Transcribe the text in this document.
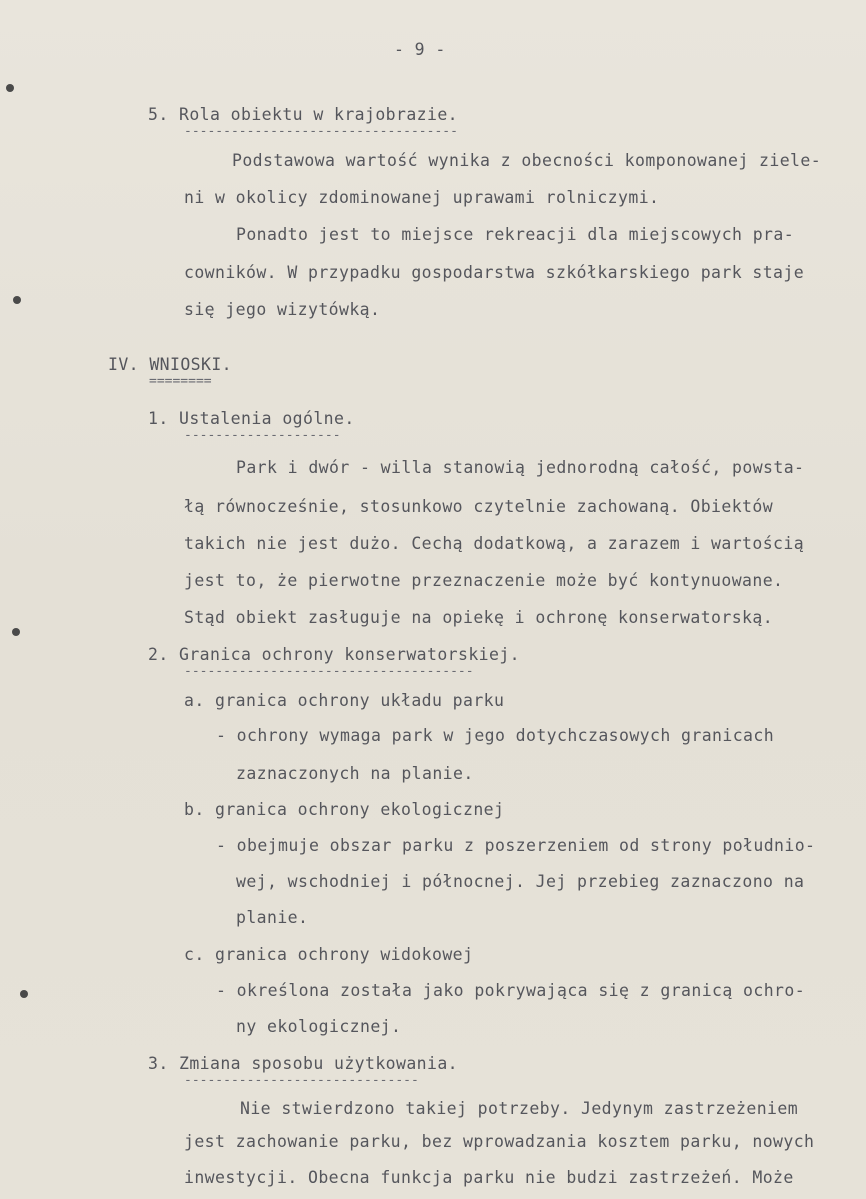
- 9 -
5. Rola obiektu w krajobrazie.
-----------------------------------
Podstawowa wartość wynika z obecności komponowanej ziele-
ni w okolicy zdominowanej uprawami rolniczymi.
Ponadto jest to miejsce rekreacji dla miejscowych pra-
cowników. W przypadku gospodarstwa szkółkarskiego park staje
się jego wizytówką.
IV. WNIOSKI.
========
1. Ustalenia ogólne.
--------------------
Park i dwór - willa stanowią jednorodną całość, powsta-
łą równocześnie, stosunkowo czytelnie zachowaną. Obiektów
takich nie jest dużo. Cechą dodatkową, a zarazem i wartością
jest to, że pierwotne przeznaczenie może być kontynuowane.
Stąd obiekt zasługuje na opiekę i ochronę konserwatorską.
2. Granica ochrony konserwatorskiej.
-------------------------------------
a. granica ochrony układu parku
- ochrony wymaga park w jego dotychczasowych granicach
zaznaczonych na planie.
b. granica ochrony ekologicznej
- obejmuje obszar parku z poszerzeniem od strony południo-
wej, wschodniej i północnej. Jej przebieg zaznaczono na
planie.
c. granica ochrony widokowej
- określona została jako pokrywająca się z granicą ochro-
ny ekologicznej.
3. Zmiana sposobu użytkowania.
------------------------------
Nie stwierdzono takiej potrzeby. Jedynym zastrzeżeniem
jest zachowanie parku, bez wprowadzania kosztem parku, nowych
inwestycji. Obecna funkcja parku nie budzi zastrzeżeń. Może
